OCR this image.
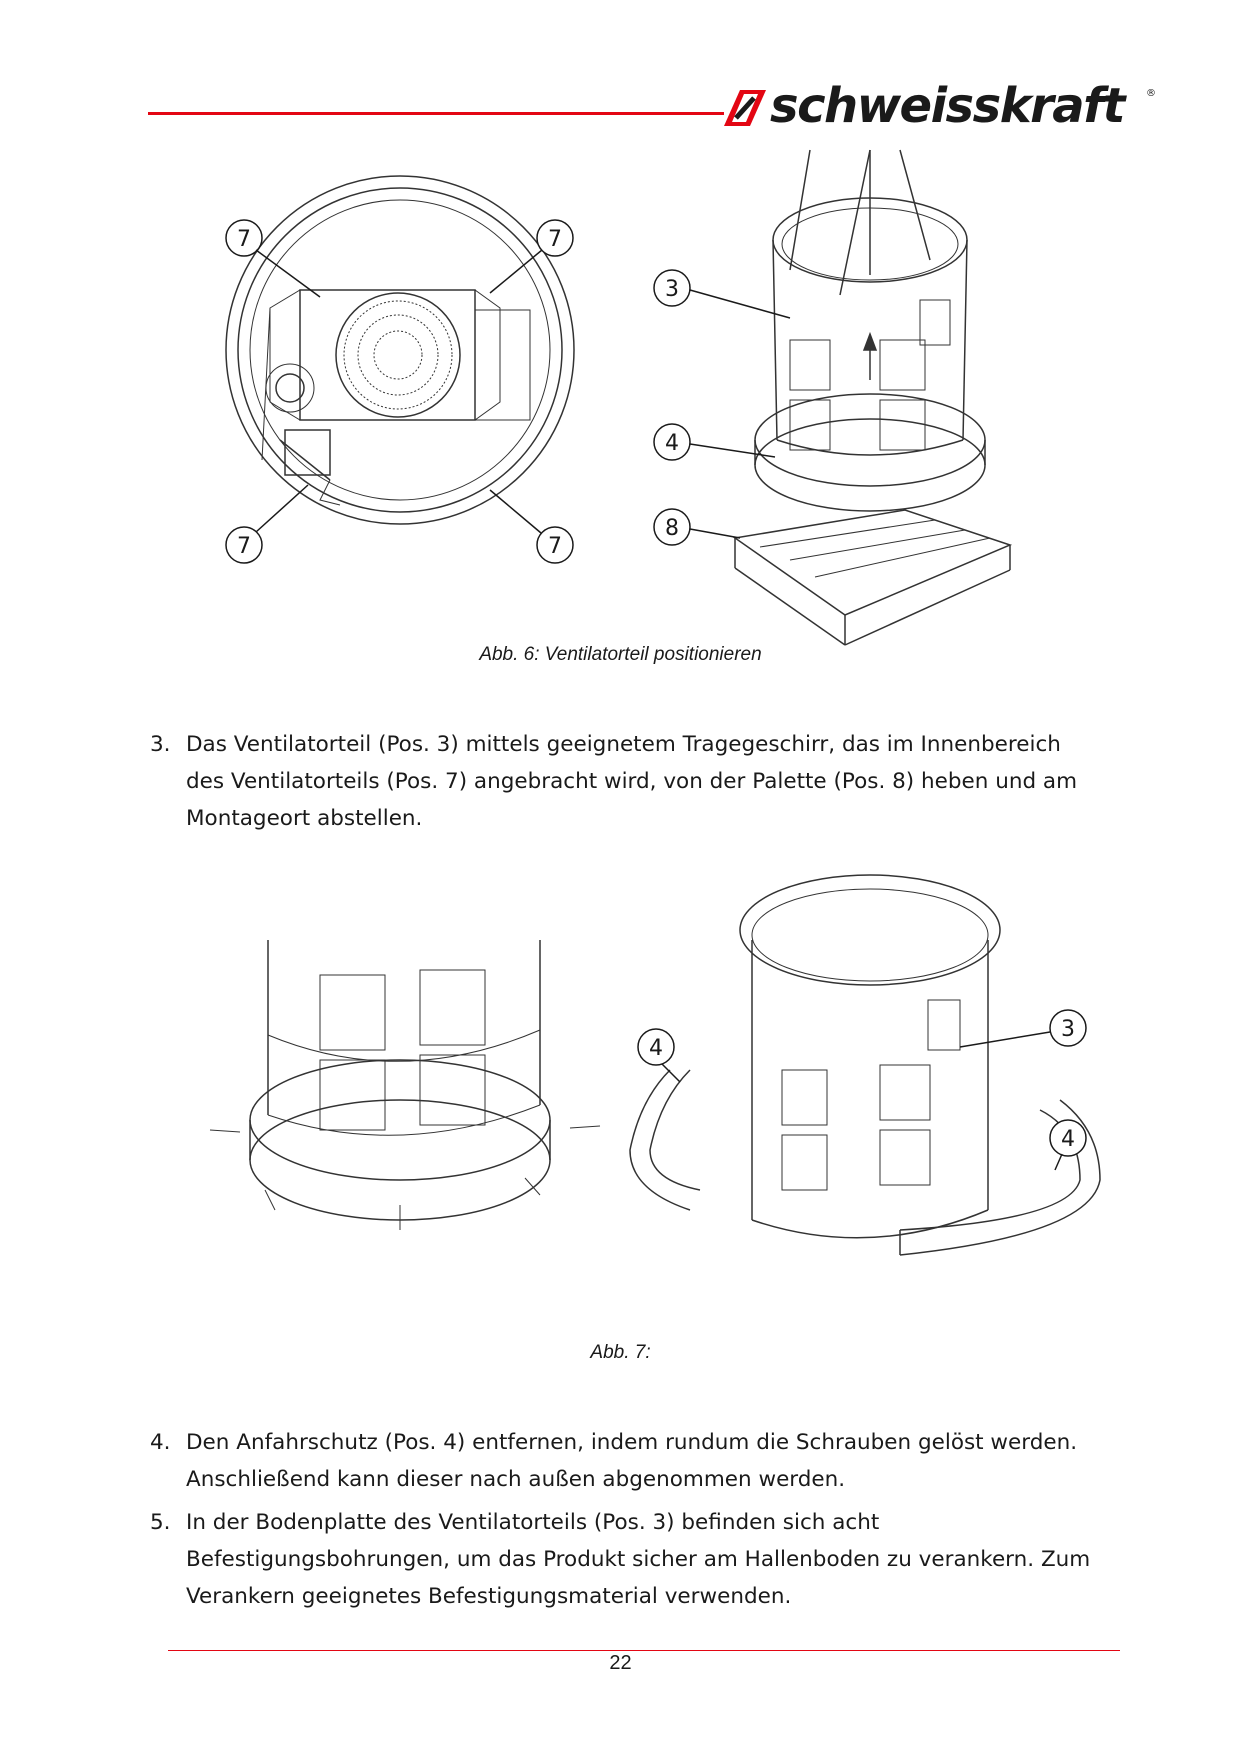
schweisskraft ®
7	7
7	7
3
4
8
Abb. 6: Ventilatorteil positionieren
3. Das Ventilatorteil (Pos. 3) mittels geeignetem Tragegeschirr, das im Innenbereich des Ventilatorteils (Pos. 7) angebracht wird, von der Palette (Pos. 8) heben und am Montageort abstellen.
4
3
4
Abb. 7:
4. Den Anfahrschutz (Pos. 4) entfernen, indem rundum die Schrauben gelöst werden. Anschließend kann dieser nach außen abgenommen werden.
5. In der Bodenplatte des Ventilatorteils (Pos. 3) befinden sich acht Befestigungsbohrungen, um das Produkt sicher am Hallenboden zu verankern. Zum Verankern geeignetes Befestigungsmaterial verwenden.
22
